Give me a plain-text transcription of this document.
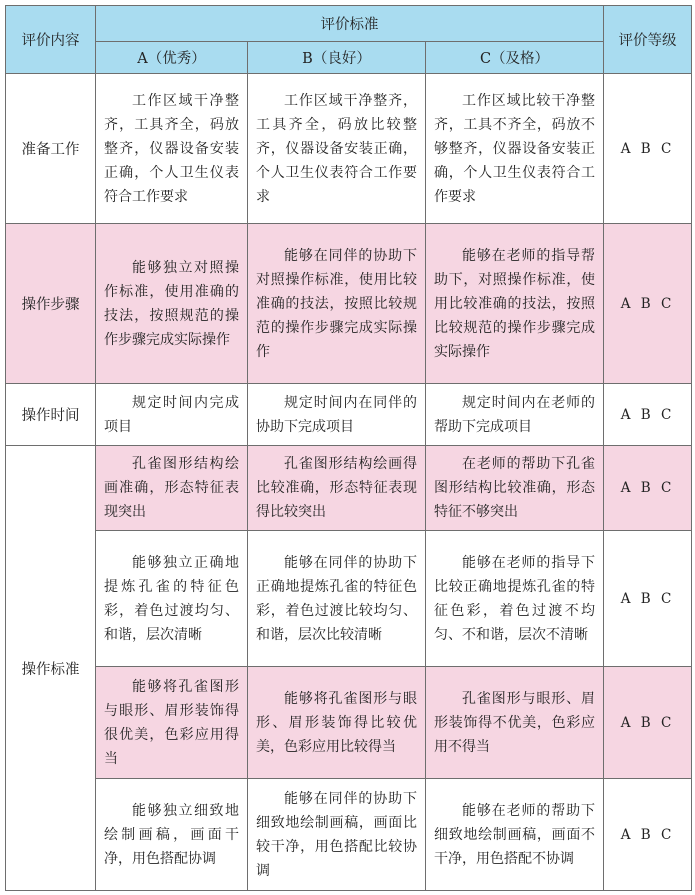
评价内容	评价标准			评价等级
	A（优秀）	B（良好）	C（及格）	
准备工作	工作区域干净整齐，工具齐全，码放整齐，仪器设备安装正确，个人卫生仪表符合工作要求	工作区域干净整齐，工具齐全，码放比较整齐，仪器设备安装正确，个人卫生仪表符合工作要求	工作区域比较干净整齐，工具不齐全，码放不够整齐，仪器设备安装正确，个人卫生仪表符合工作要求	A B C
操作步骤	能够独立对照操作标准，使用准确的技法，按照规范的操作步骤完成实际操作	能够在同伴的协助下对照操作标准，使用比较准确的技法，按照比较规范的操作步骤完成实际操作	能够在老师的指导帮助下，对照操作标准，使用比较准确的技法，按照比较规范的操作步骤完成实际操作	A B C
操作时间	规定时间内完成项目	规定时间内在同伴的协助下完成项目	规定时间内在老师的帮助下完成项目	A B C
操作标准	孔雀图形结构绘画准确，形态特征表现突出	孔雀图形结构绘画得比较准确，形态特征表现得比较突出	在老师的帮助下孔雀图形结构比较准确，形态特征不够突出	A B C

	能够独立正确地提炼孔雀的特征色彩，着色过渡均匀、和谐，层次清晰	能够在同伴的协助下正确地提炼孔雀的特征色彩，着色过渡比较均匀、和谐，层次比较清晰	能够在老师的指导下比较正确地提炼孔雀的特征色彩，着色过渡不均匀、不和谐，层次不清晰	A B C

	能够将孔雀图形与眼形、眉形装饰得很优美，色彩应用得当	能够将孔雀图形与眼形、眉形装饰得比较优美，色彩应用比较得当	孔雀图形与眼形、眉形装饰得不优美，色彩应用不得当	A B C

	能够独立细致地绘制画稿，画面干净，用色搭配协调	能够在同伴的协助下细致地绘制画稿，画面比较干净，用色搭配比较协调	能够在老师的帮助下细致地绘制画稿，画面不干净，用色搭配不协调	A B C
